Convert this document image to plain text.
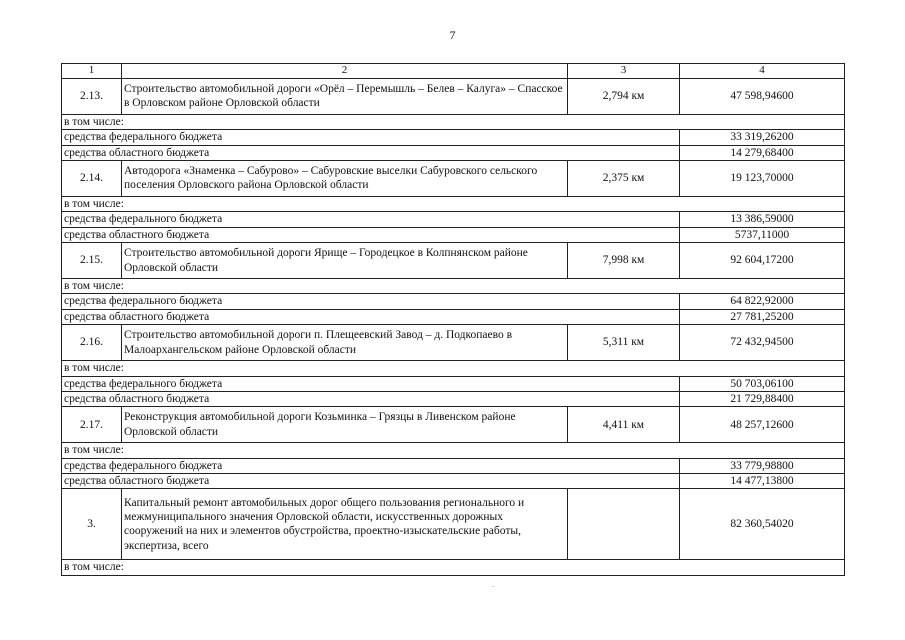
7
1	2	3	4
2.13.	Строительство автомобильной дороги «Орёл – Перемышль – Белев – Калуга» – Спасское в Орловском районе Орловской области	2,794 км	47 598,94600
в том числе:			
средства федерального бюджета			33 319,26200
средства областного бюджета			14 279,68400
2.14.	Автодорога «Знаменка – Сабурово» – Сабуровские выселки Сабуровского сельского поселения Орловского района Орловской области	2,375 км	19 123,70000
в том числе:			
средства федерального бюджета			13 386,59000
средства областного бюджета			5737,11000
2.15.	Строительство автомобильной дороги Ярище – Городецкое в Колпнянском районе Орловской области	7,998 км	92 604,17200
в том числе:			
средства федерального бюджета			64 822,92000
средства областного бюджета			27 781,25200
2.16.	Строительство автомобильной дороги п. Плещеевский Завод – д. Подкопаево в Малоархангельском районе Орловской области	5,311 км	72 432,94500
в том числе:			
средства федерального бюджета			50 703,06100
средства областного бюджета			21 729,88400
2.17.	Реконструкция автомобильной дороги Козьминка – Грязцы в Ливенском районе Орловской области	4,411 км	48 257,12600
в том числе:			
средства федерального бюджета			33 779,98800
средства областного бюджета			14 477,13800
3.	Капитальный ремонт автомобильных дорог общего пользования регионального и межмуниципального значения Орловской области, искусственных дорожных сооружений на них и элементов обустройства, проектно-изыскательские работы, экспертиза, всего		82 360,54020
в том числе:			
.
